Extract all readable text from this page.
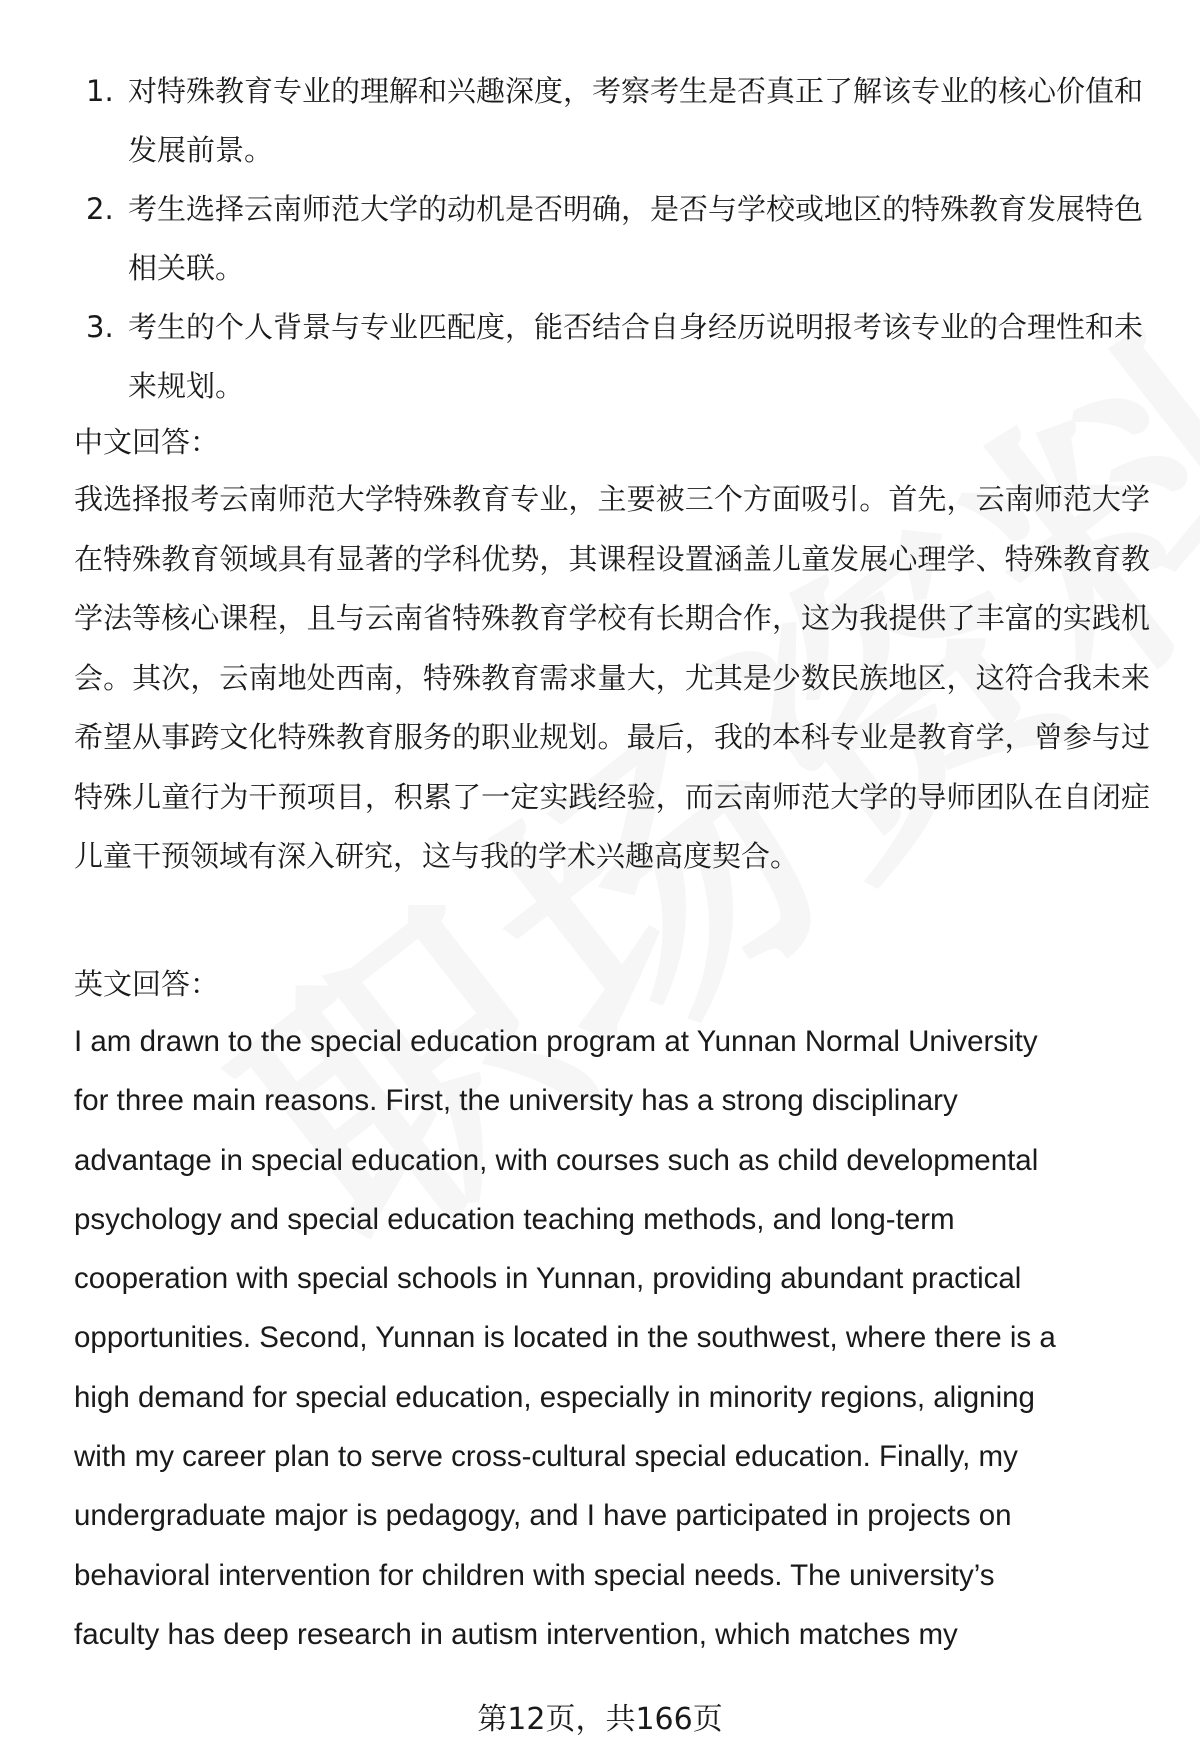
1. 对特殊教育专业的理解和兴趣深度，考察考生是否真正了解该专业的核心价值和发展前景。
2. 考生选择云南师范大学的动机是否明确，是否与学校或地区的特殊教育发展特色相关联。
3. 考生的个人背景与专业匹配度，能否结合自身经历说明报考该专业的合理性和未来规划。
中文回答：

我选择报考云南师范大学特殊教育专业，主要被三个方面吸引。首先，云南师范大学在特殊教育领域具有显著的学科优势，其课程设置涵盖儿童发展心理学、特殊教育教学法等核心课程，且与云南省特殊教育学校有长期合作，这为我提供了丰富的实践机会。其次，云南地处西南，特殊教育需求量大，尤其是少数民族地区，这符合我未来希望从事跨文化特殊教育服务的职业规划。最后，我的本科专业是教育学，曾参与过特殊儿童行为干预项目，积累了一定实践经验，而云南师范大学的导师团队在自闭症儿童干预领域有深入研究，这与我的学术兴趣高度契合。

英文回答：
I am drawn to the special education program at Yunnan Normal University
for three main reasons. First, the university has a strong disciplinary
advantage in special education, with courses such as child developmental
psychology and special education teaching methods, and long-term
cooperation with special schools in Yunnan, providing abundant practical
opportunities. Second, Yunnan is located in the southwest, where there is a
high demand for special education, especially in minority regions, aligning
with my career plan to serve cross-cultural special education. Finally, my
undergraduate major is pedagogy, and I have participated in projects on
behavioral intervention for children with special needs. The university’s
faculty has deep research in autism intervention, which matches my
第12页，共166页
